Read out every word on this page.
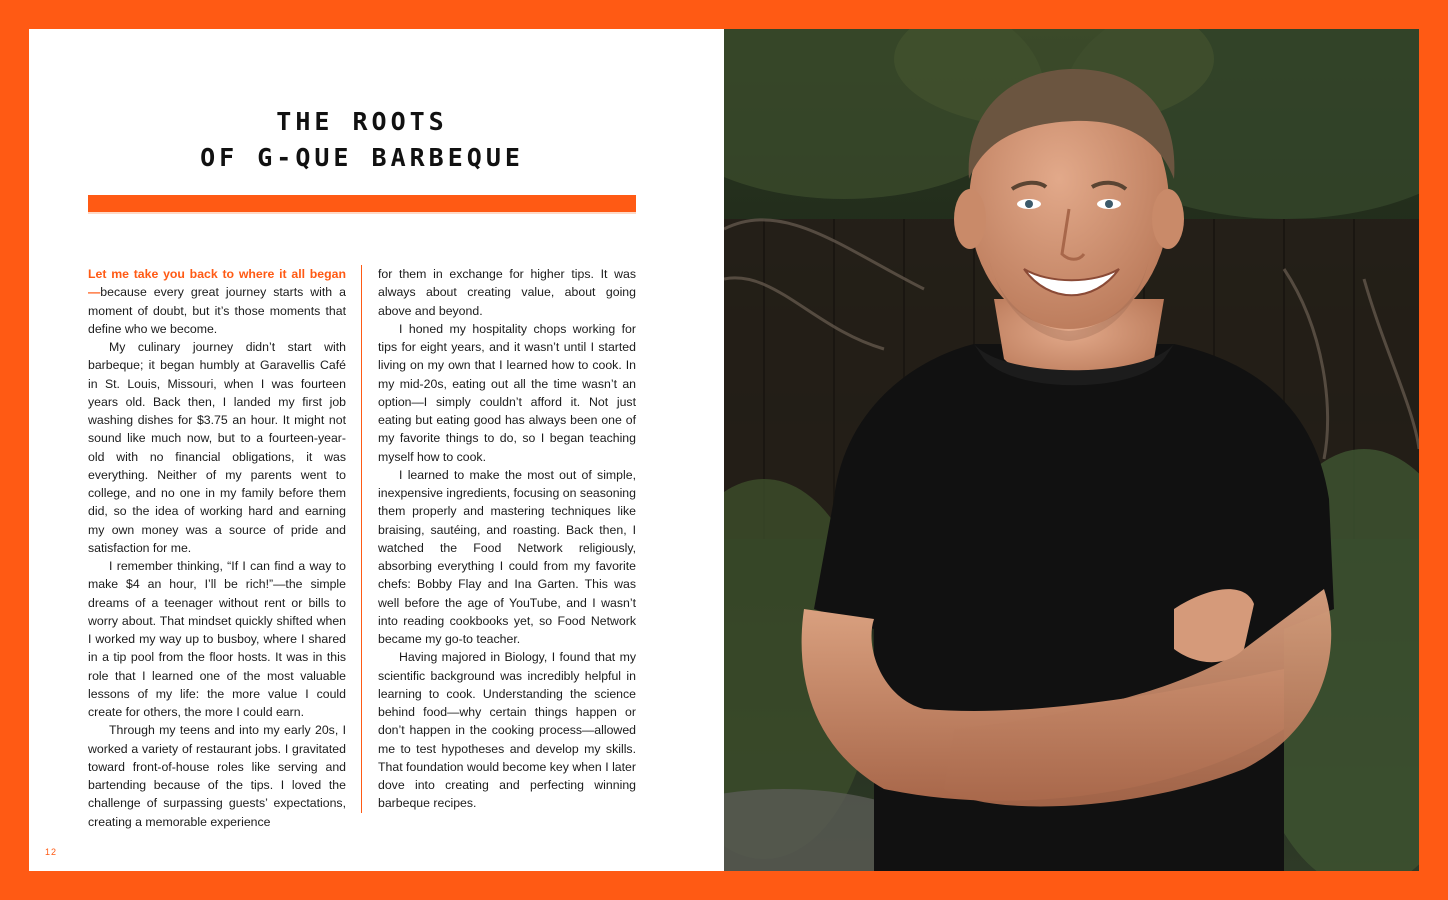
THE ROOTS
OF G-QUE BARBEQUE

Let me take you back to where it all began—because every great journey starts with a moment of doubt, but it’s those moments that define who we become.

My culinary journey didn’t start with barbeque; it began humbly at Garavellis Café in St. Louis, Missouri, when I was fourteen years old. Back then, I landed my first job washing dishes for $3.75 an hour. It might not sound like much now, but to a fourteen-year-old with no financial obligations, it was everything. Neither of my parents went to college, and no one in my family before them did, so the idea of working hard and earning my own money was a source of pride and satisfaction for me.

I remember thinking, “If I can find a way to make $4 an hour, I’ll be rich!”—the simple dreams of a teenager without rent or bills to worry about. That mindset quickly shifted when I worked my way up to busboy, where I shared in a tip pool from the floor hosts. It was in this role that I learned one of the most valuable lessons of my life: the more value I could create for others, the more I could earn.

Through my teens and into my early 20s, I worked a variety of restaurant jobs. I gravitated toward front-of-house roles like serving and bartending because of the tips. I loved the challenge of surpassing guests’ expectations, creating a memorable experience

for them in exchange for higher tips. It was always about creating value, about going above and beyond.

I honed my hospitality chops working for tips for eight years, and it wasn’t until I started living on my own that I learned how to cook. In my mid-20s, eating out all the time wasn’t an option—I simply couldn’t afford it. Not just eating but eating good has always been one of my favorite things to do, so I began teaching myself how to cook.

I learned to make the most out of simple, inexpensive ingredients, focusing on seasoning them properly and mastering techniques like braising, sautéing, and roasting. Back then, I watched the Food Network religiously, absorbing everything I could from my favorite chefs: Bobby Flay and Ina Garten. This was well before the age of YouTube, and I wasn’t into reading cookbooks yet, so Food Network became my go-to teacher.

Having majored in Biology, I found that my scientific background was incredibly helpful in learning to cook. Understanding the science behind food—why certain things happen or don’t happen in the cooking process—allowed me to test hypotheses and develop my skills. That foundation would become key when I later dove into creating and perfecting winning barbeque recipes.

12
